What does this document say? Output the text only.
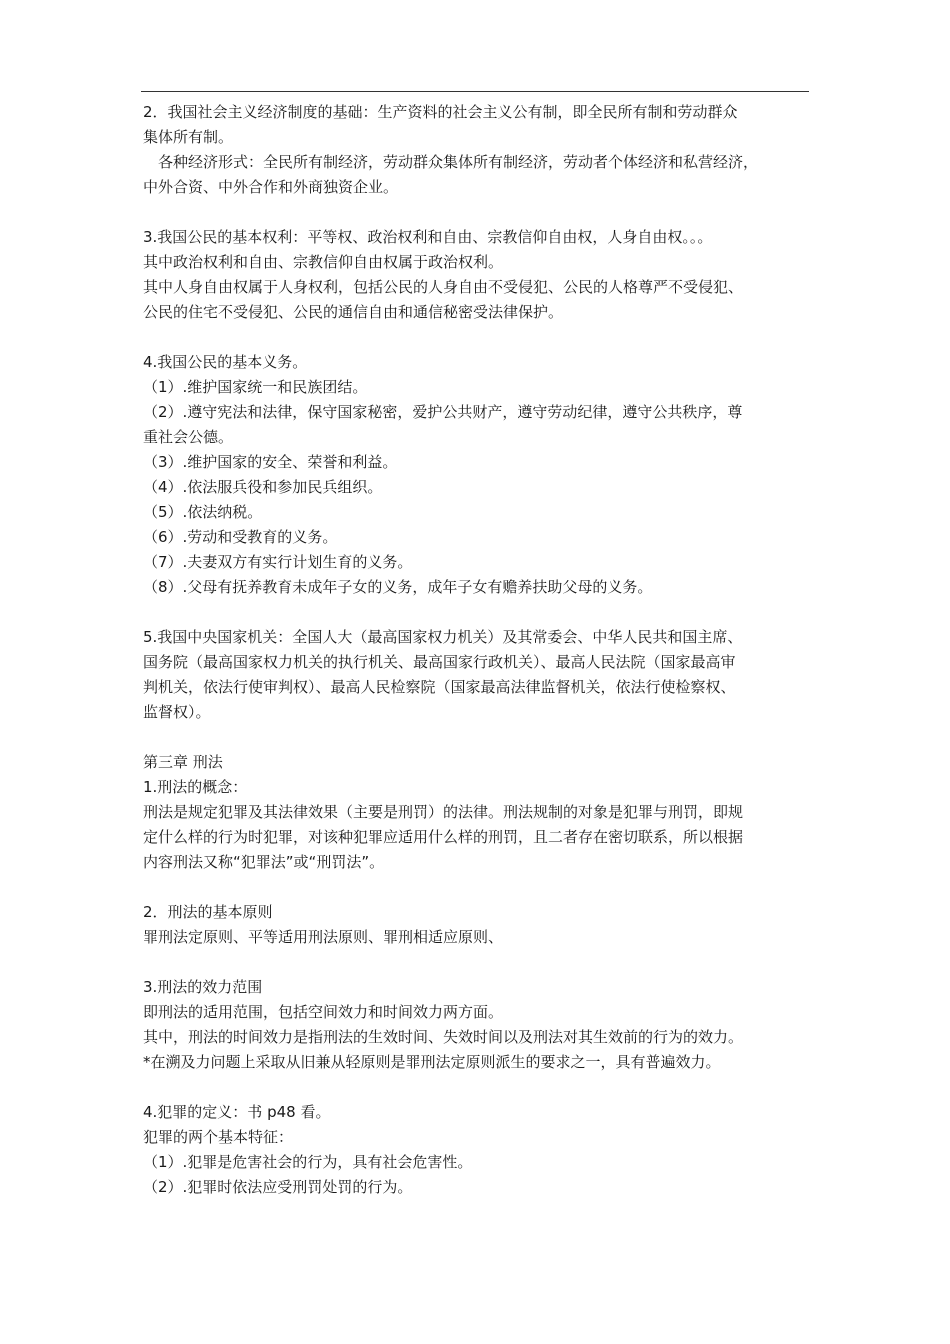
2．我国社会主义经济制度的基础：生产资料的社会主义公有制，即全民所有制和劳动群众

集体所有制。

各种经济形式：全民所有制经济，劳动群众集体所有制经济，劳动者个体经济和私营经济，

中外合资、中外合作和外商独资企业。

3.我国公民的基本权利：平等权、政治权利和自由、宗教信仰自由权，人身自由权。。。

其中政治权利和自由、宗教信仰自由权属于政治权利。

其中人身自由权属于人身权利，包括公民的人身自由不受侵犯、公民的人格尊严不受侵犯、

公民的住宅不受侵犯、公民的通信自由和通信秘密受法律保护。

4.我国公民的基本义务。

（1）.维护国家统一和民族团结。

（2）.遵守宪法和法律，保守国家秘密，爱护公共财产，遵守劳动纪律，遵守公共秩序，尊

重社会公德。

（3）.维护国家的安全、荣誉和利益。

（4）.依法服兵役和参加民兵组织。

（5）.依法纳税。

（6）.劳动和受教育的义务。

（7）.夫妻双方有实行计划生育的义务。

（8）.父母有抚养教育未成年子女的义务，成年子女有赡养扶助父母的义务。

5.我国中央国家机关：全国人大（最高国家权力机关）及其常委会、中华人民共和国主席、

国务院（最高国家权力机关的执行机关、最高国家行政机关）、最高人民法院（国家最高审

判机关，依法行使审判权）、最高人民检察院（国家最高法律监督机关，依法行使检察权、

监督权）。

第三章 刑法

1.刑法的概念：

刑法是规定犯罪及其法律效果（主要是刑罚）的法律。刑法规制的对象是犯罪与刑罚，即规

定什么样的行为时犯罪，对该种犯罪应适用什么样的刑罚，且二者存在密切联系，所以根据

内容刑法又称“犯罪法”或“刑罚法”。

2．刑法的基本原则

罪刑法定原则、平等适用刑法原则、罪刑相适应原则、

3.刑法的效力范围

即刑法的适用范围，包括空间效力和时间效力两方面。

其中，刑法的时间效力是指刑法的生效时间、失效时间以及刑法对其生效前的行为的效力。

*在溯及力问题上采取从旧兼从轻原则是罪刑法定原则派生的要求之一，具有普遍效力。

4.犯罪的定义：书 p48 看。

犯罪的两个基本特征：

（1）.犯罪是危害社会的行为，具有社会危害性。

（2）.犯罪时依法应受刑罚处罚的行为。
